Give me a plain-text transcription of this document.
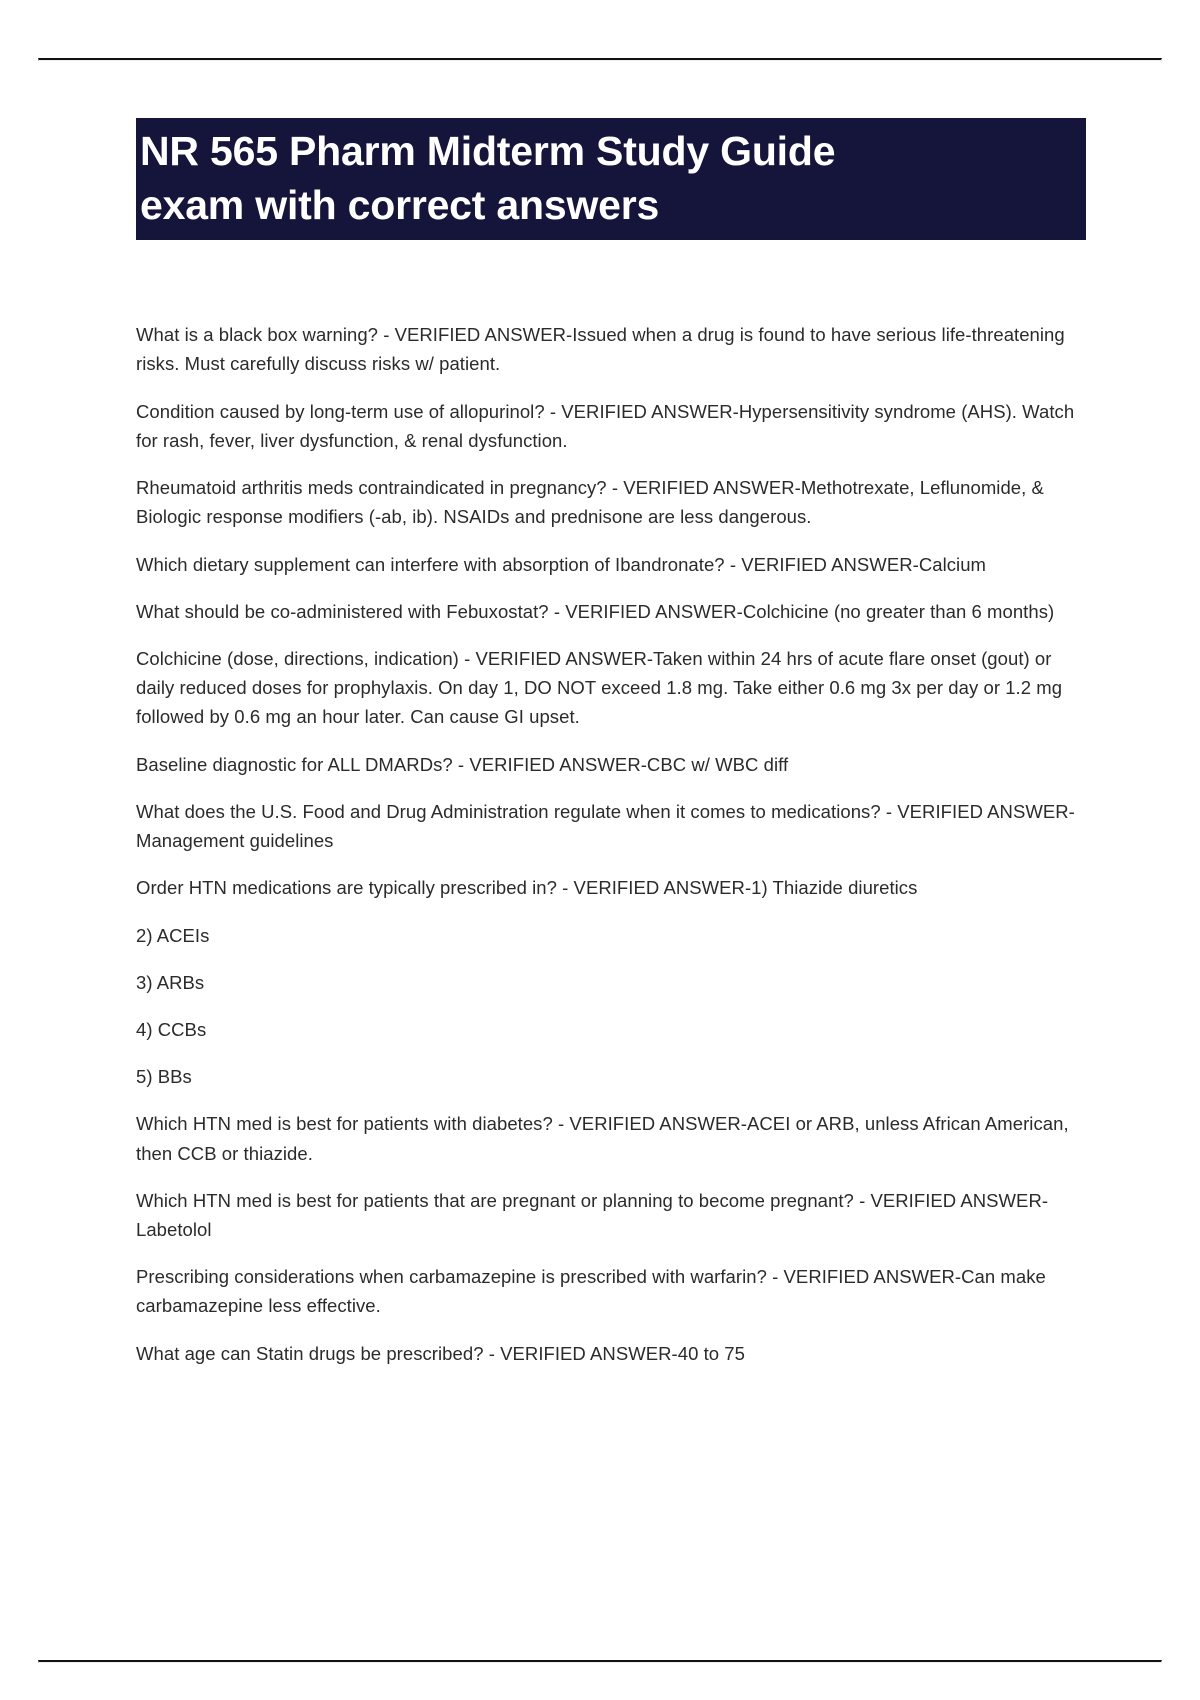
NR 565 Pharm Midterm Study Guide
exam with correct answers

What is a black box warning? - VERIFIED ANSWER-Issued when a drug is found to have serious life-threatening risks. Must carefully discuss risks w/ patient.

Condition caused by long-term use of allopurinol? - VERIFIED ANSWER-Hypersensitivity syndrome (AHS). Watch for rash, fever, liver dysfunction, & renal dysfunction.

Rheumatoid arthritis meds contraindicated in pregnancy? - VERIFIED ANSWER-Methotrexate, Leflunomide, & Biologic response modifiers (-ab, ib). NSAIDs and prednisone are less dangerous.

Which dietary supplement can interfere with absorption of Ibandronate? - VERIFIED ANSWER-Calcium

What should be co-administered with Febuxostat? - VERIFIED ANSWER-Colchicine (no greater than 6 months)

Colchicine (dose, directions, indication) - VERIFIED ANSWER-Taken within 24 hrs of acute flare onset (gout) or daily reduced doses for prophylaxis. On day 1, DO NOT exceed 1.8 mg. Take either 0.6 mg 3x per day or 1.2 mg followed by 0.6 mg an hour later. Can cause GI upset.

Baseline diagnostic for ALL DMARDs? - VERIFIED ANSWER-CBC w/ WBC diff

What does the U.S. Food and Drug Administration regulate when it comes to medications? - VERIFIED ANSWER-Management guidelines

Order HTN medications are typically prescribed in? - VERIFIED ANSWER-1) Thiazide diuretics

2) ACEIs

3) ARBs

4) CCBs

5) BBs

Which HTN med is best for patients with diabetes? - VERIFIED ANSWER-ACEI or ARB, unless African American, then CCB or thiazide.

Which HTN med is best for patients that are pregnant or planning to become pregnant? - VERIFIED ANSWER-Labetolol

Prescribing considerations when carbamazepine is prescribed with warfarin? - VERIFIED ANSWER-Can make carbamazepine less effective.

What age can Statin drugs be prescribed? - VERIFIED ANSWER-40 to 75
